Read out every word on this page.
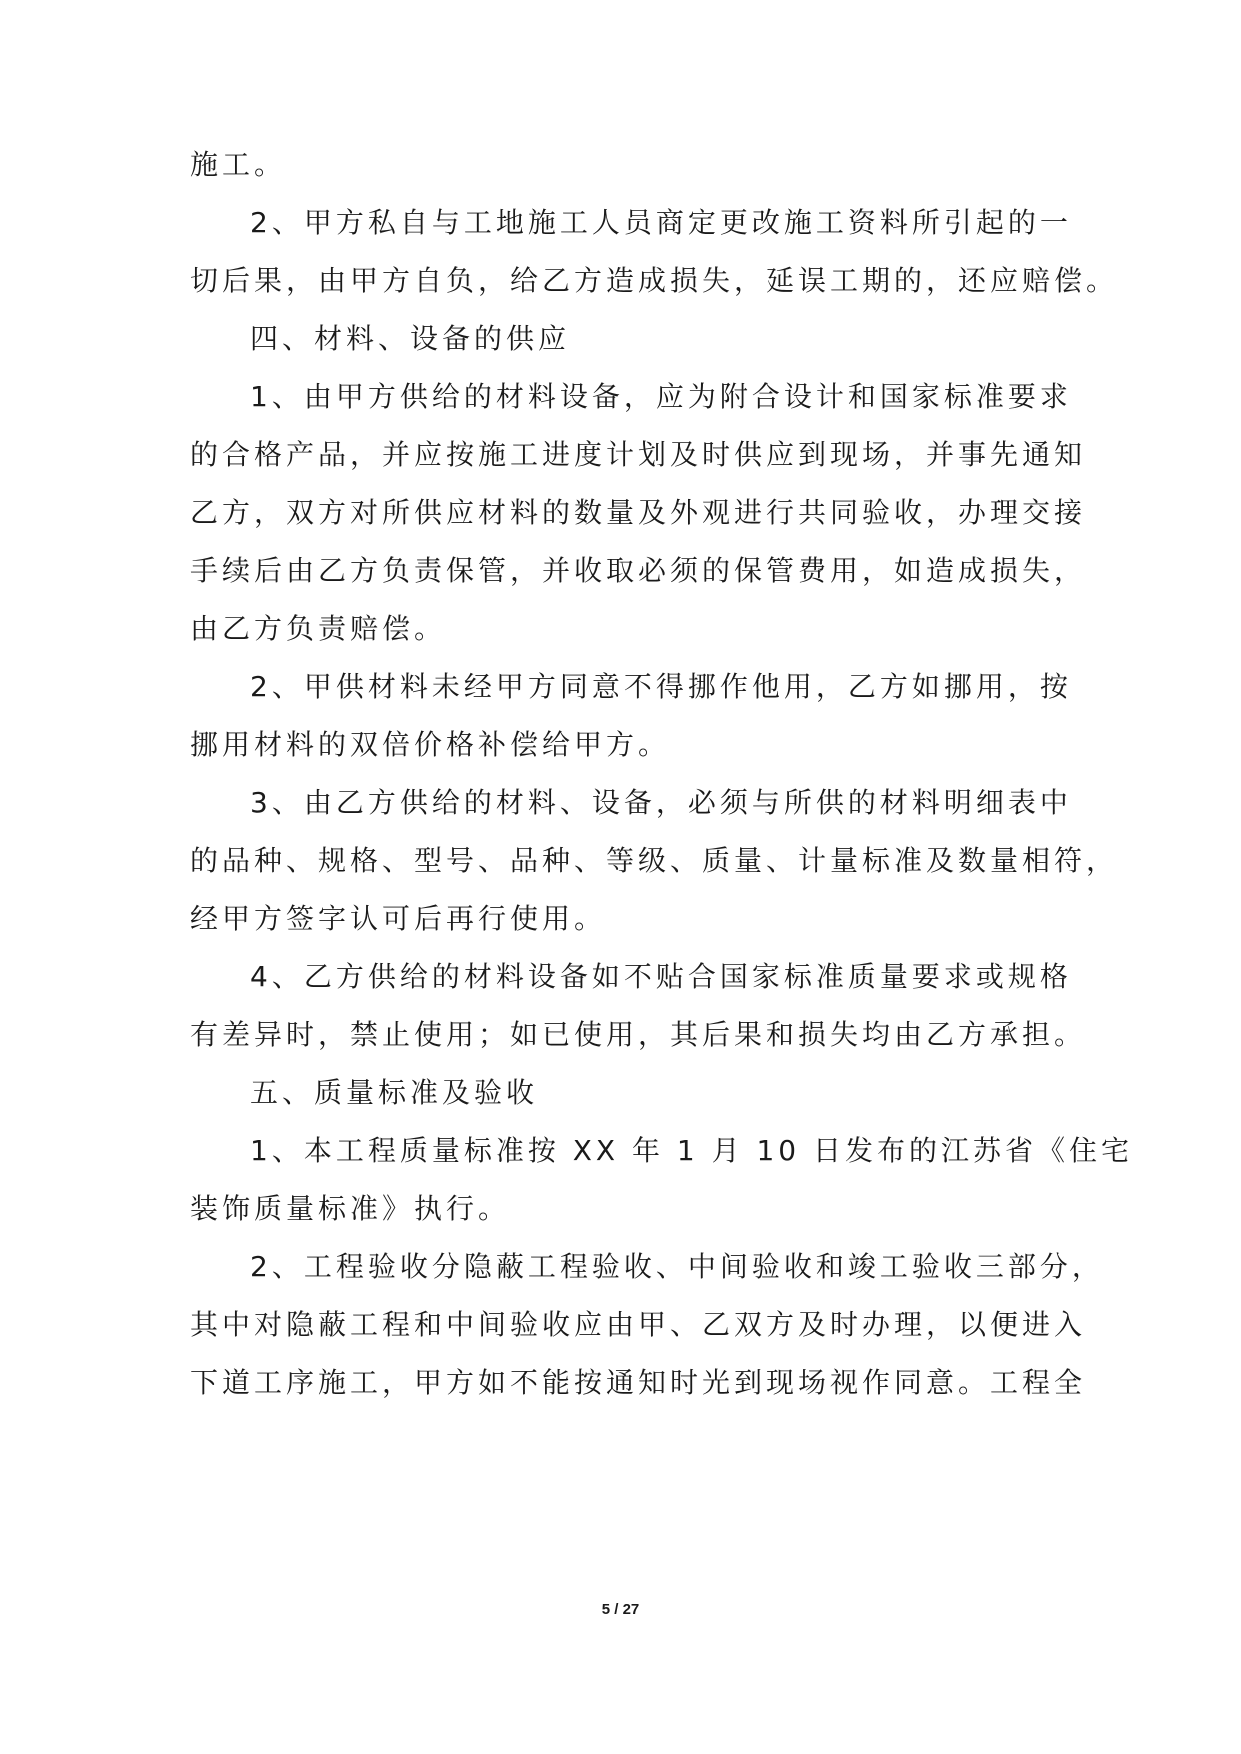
施工。
2、甲方私自与工地施工人员商定更改施工资料所引起的一
切后果，由甲方自负，给乙方造成损失，延误工期的，还应赔偿。
四、材料、设备的供应
1、由甲方供给的材料设备，应为附合设计和国家标准要求
的合格产品，并应按施工进度计划及时供应到现场，并事先通知
乙方，双方对所供应材料的数量及外观进行共同验收，办理交接
手续后由乙方负责保管，并收取必须的保管费用，如造成损失，
由乙方负责赔偿。
2、甲供材料未经甲方同意不得挪作他用，乙方如挪用，按
挪用材料的双倍价格补偿给甲方。
3、由乙方供给的材料、设备，必须与所供的材料明细表中
的品种、规格、型号、品种、等级、质量、计量标准及数量相符，
经甲方签字认可后再行使用。
4、乙方供给的材料设备如不贴合国家标准质量要求或规格
有差异时，禁止使用；如已使用，其后果和损失均由乙方承担。
五、质量标准及验收
1、本工程质量标准按 XX 年 1 月 10 日发布的江苏省《住宅
装饰质量标准》执行。
2、工程验收分隐蔽工程验收、中间验收和竣工验收三部分，
其中对隐蔽工程和中间验收应由甲、乙双方及时办理，以便进入
下道工序施工，甲方如不能按通知时光到现场视作同意。工程全
5 / 27
